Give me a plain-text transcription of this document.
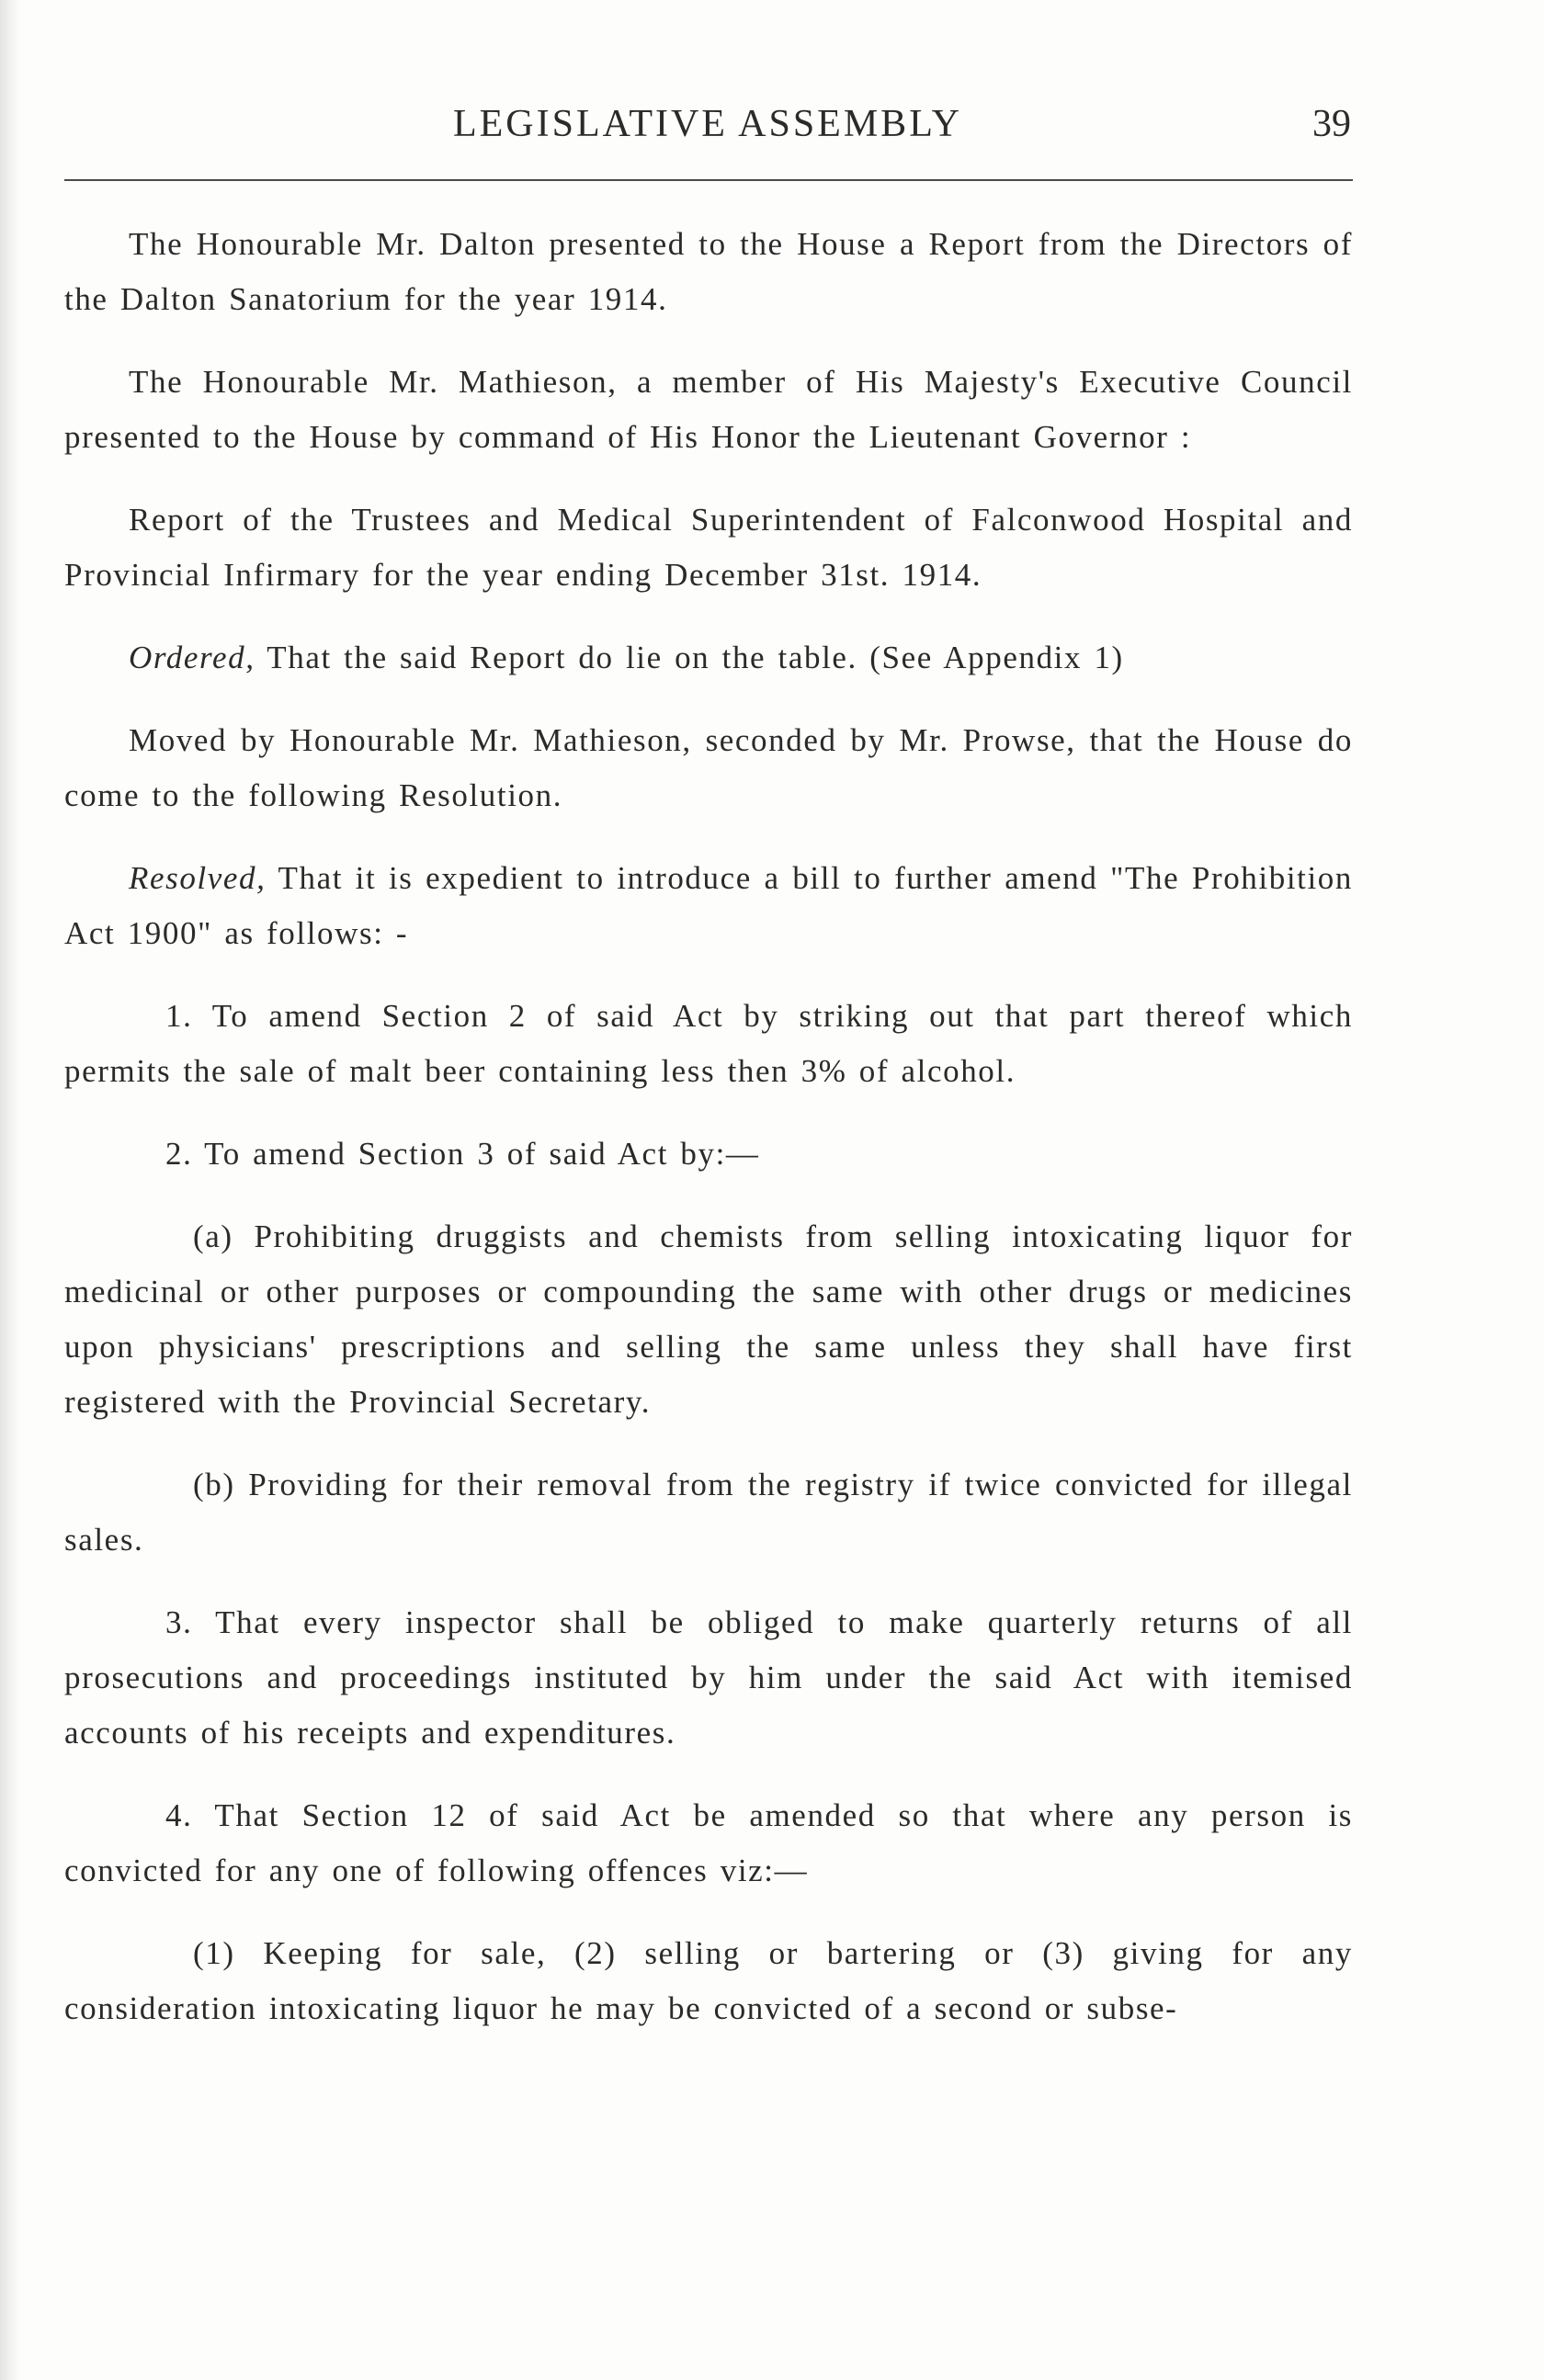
LEGISLATIVE ASSEMBLY	39

The Honourable Mr. Dalton presented to the House a Report from the Directors of the Dalton Sanatorium for the year 1914.

The Honourable Mr. Mathieson, a member of His Majesty's Executive Council presented to the House by command of His Honor the Lieutenant Governor :

Report of the Trustees and Medical Superintendent of Falconwood Hospital and Provincial Infirmary for the year ending December 31st. 1914.

Ordered, That the said Report do lie on the table. (See Appendix 1)

Moved by Honourable Mr. Mathieson, seconded by Mr. Prowse, that the House do come to the following Resolution.

Resolved, That it is expedient to introduce a bill to further amend "The Prohibition Act 1900" as follows: -

1. To amend Section 2 of said Act by striking out that part thereof which permits the sale of malt beer containing less then 3% of alcohol.

2. To amend Section 3 of said Act by:—

(a) Prohibiting druggists and chemists from selling intoxicating liquor for medicinal or other purposes or compounding the same with other drugs or medicines upon physicians' prescriptions and selling the same unless they shall have first registered with the Provincial Secretary.

(b) Providing for their removal from the registry if twice convicted for illegal sales.

3. That every inspector shall be obliged to make quarterly returns of all prosecutions and proceedings instituted by him under the said Act with itemised accounts of his receipts and expenditures.

4. That Section 12 of said Act be amended so that where any person is convicted for any one of following offences viz:—

(1) Keeping for sale, (2) selling or bartering or (3) giving for any consideration intoxicating liquor he may be convicted of a second or subse-
